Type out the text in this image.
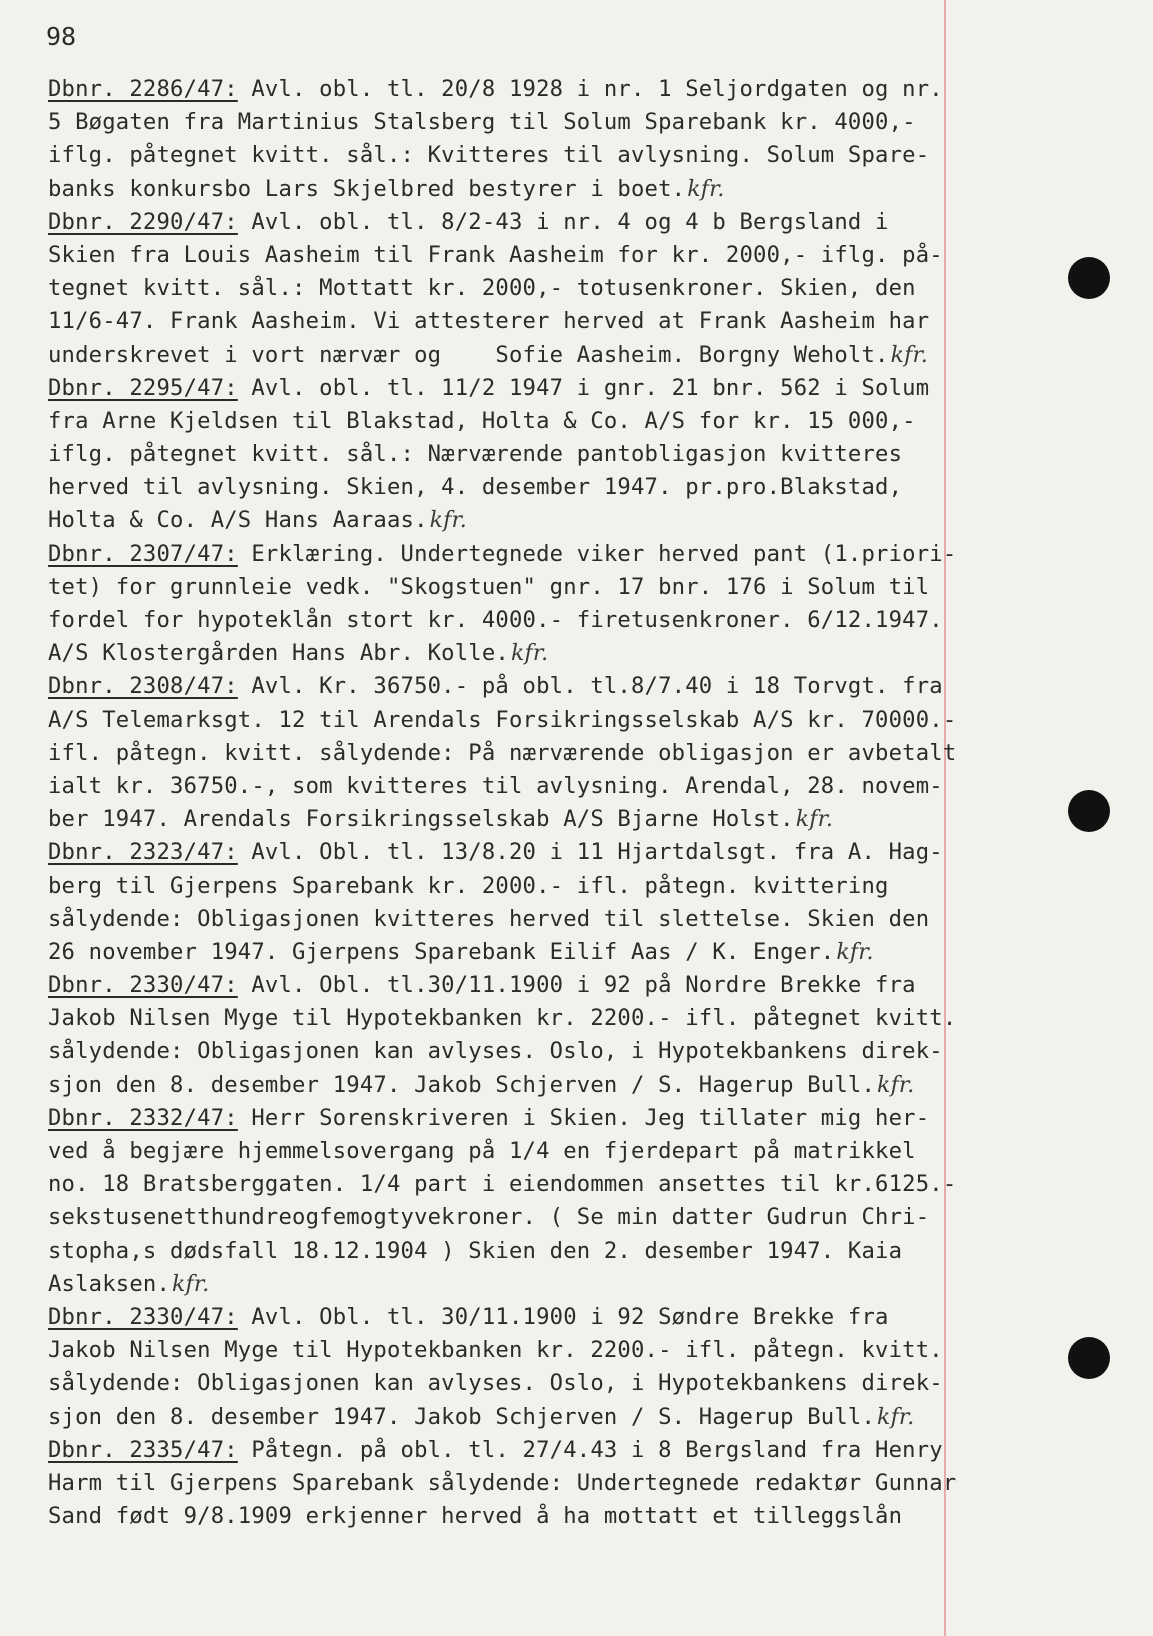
98
Dbnr. 2286/47: Avl. obl. tl. 20/8 1928 i nr. 1 Seljordgaten og nr.
5 Bøgaten fra Martinius Stalsberg til Solum Sparebank kr. 4000,-
iflg. påtegnet kvitt. sål.: Kvitteres til avlysning. Solum Spare-
banks konkursbo Lars Skjelbred bestyrer i boet.kfr.
Dbnr. 2290/47: Avl. obl. tl. 8/2-43 i nr. 4 og 4 b Bergsland i
Skien fra Louis Aasheim til Frank Aasheim for kr. 2000,- iflg. på-
tegnet kvitt. sål.: Mottatt kr. 2000,- totusenkroner. Skien, den
11/6-47. Frank Aasheim. Vi attesterer herved at Frank Aasheim har
underskrevet i vort nærvær og    Sofie Aasheim. Borgny Weholt.kfr.
Dbnr. 2295/47: Avl. obl. tl. 11/2 1947 i gnr. 21 bnr. 562 i Solum
fra Arne Kjeldsen til Blakstad, Holta & Co. A/S for kr. 15 000,-
iflg. påtegnet kvitt. sål.: Nærværende pantobligasjon kvitteres
herved til avlysning. Skien, 4. desember 1947. pr.pro.Blakstad,
Holta & Co. A/S Hans Aaraas.kfr.
Dbnr. 2307/47: Erklæring. Undertegnede viker herved pant (1.priori-
tet) for grunnleie vedk. "Skogstuen" gnr. 17 bnr. 176 i Solum til
fordel for hypoteklån stort kr. 4000.- firetusenkroner. 6/12.1947.
A/S Klostergården Hans Abr. Kolle.kfr.
Dbnr. 2308/47: Avl. Kr. 36750.- på obl. tl.8/7.40 i 18 Torvgt. fra
A/S Telemarksgt. 12 til Arendals Forsikringsselskab A/S kr. 70000.-
ifl. påtegn. kvitt. sålydende: På nærværende obligasjon er avbetalt
ialt kr. 36750.-, som kvitteres til avlysning. Arendal, 28. novem-
ber 1947. Arendals Forsikringsselskab A/S Bjarne Holst.kfr.
Dbnr. 2323/47: Avl. Obl. tl. 13/8.20 i 11 Hjartdalsgt. fra A. Hag-
berg til Gjerpens Sparebank kr. 2000.- ifl. påtegn. kvittering
sålydende: Obligasjonen kvitteres herved til slettelse. Skien den
26 november 1947. Gjerpens Sparebank Eilif Aas / K. Enger.kfr.
Dbnr. 2330/47: Avl. Obl. tl.30/11.1900 i 92 på Nordre Brekke fra
Jakob Nilsen Myge til Hypotekbanken kr. 2200.- ifl. påtegnet kvitt.
sålydende: Obligasjonen kan avlyses. Oslo, i Hypotekbankens direk-
sjon den 8. desember 1947. Jakob Schjerven / S. Hagerup Bull.kfr.
Dbnr. 2332/47: Herr Sorenskriveren i Skien. Jeg tillater mig her-
ved å begjære hjemmelsovergang på 1/4 en fjerdepart på matrikkel
no. 18 Bratsberggaten. 1/4 part i eiendommen ansettes til kr.6125.-
sekstusenetthundreogfemogtyvekroner. ( Se min datter Gudrun Chri-
stopha,s dødsfall 18.12.1904 ) Skien den 2. desember 1947. Kaia
Aslaksen.kfr.
Dbnr. 2330/47: Avl. Obl. tl. 30/11.1900 i 92 Søndre Brekke fra
Jakob Nilsen Myge til Hypotekbanken kr. 2200.- ifl. påtegn. kvitt.
sålydende: Obligasjonen kan avlyses. Oslo, i Hypotekbankens direk-
sjon den 8. desember 1947. Jakob Schjerven / S. Hagerup Bull.kfr.
Dbnr. 2335/47: Påtegn. på obl. tl. 27/4.43 i 8 Bergsland fra Henry
Harm til Gjerpens Sparebank sålydende: Undertegnede redaktør Gunnar
Sand født 9/8.1909 erkjenner herved å ha mottatt et tilleggslån
